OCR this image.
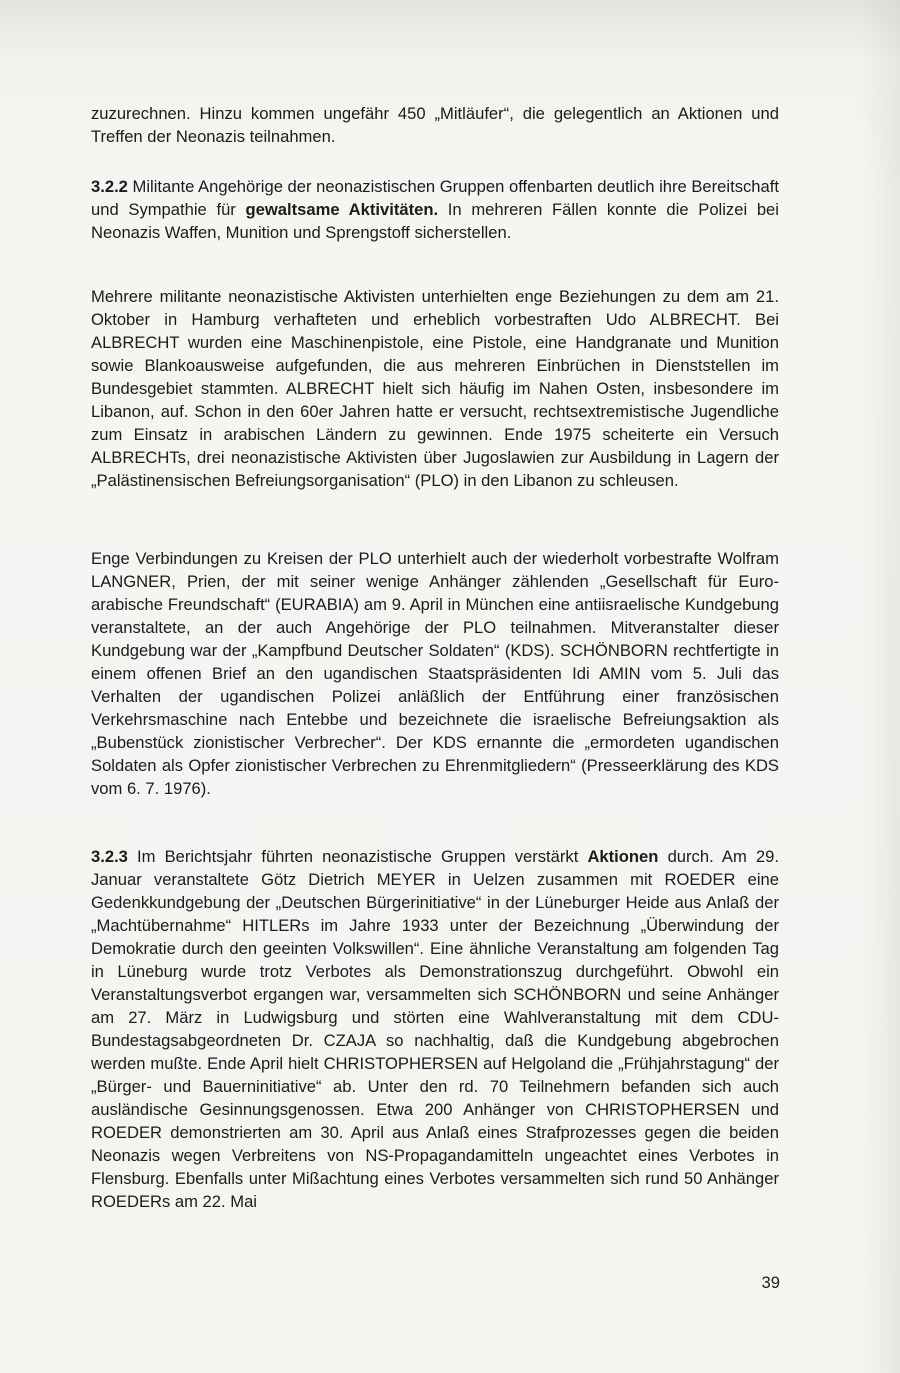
zuzurechnen. Hinzu kommen ungefähr 450 „Mitläufer“, die gelegentlich an Aktionen und Treffen der Neonazis teilnahmen.

3.2.2 Militante Angehörige der neonazistischen Gruppen offenbarten deutlich ihre Bereitschaft und Sympathie für gewaltsame Aktivitäten. In mehreren Fällen konnte die Polizei bei Neonazis Waffen, Munition und Sprengstoff sicherstellen.

Mehrere militante neonazistische Aktivisten unterhielten enge Beziehungen zu dem am 21. Oktober in Hamburg verhafteten und erheblich vorbestraften Udo ALBRECHT. Bei ALBRECHT wurden eine Maschinenpistole, eine Pistole, eine Handgranate und Munition sowie Blankoausweise aufgefunden, die aus mehreren Einbrüchen in Dienststellen im Bundesgebiet stammten. ALBRECHT hielt sich häufig im Nahen Osten, insbesondere im Libanon, auf. Schon in den 60er Jahren hatte er versucht, rechtsextremistische Jugendliche zum Einsatz in arabischen Ländern zu gewinnen. Ende 1975 scheiterte ein Versuch ALBRECHTs, drei neonazistische Aktivisten über Jugoslawien zur Ausbildung in Lagern der „Palästinensischen Befreiungsorganisation“ (PLO) in den Libanon zu schleusen.

Enge Verbindungen zu Kreisen der PLO unterhielt auch der wiederholt vorbestrafte Wolfram LANGNER, Prien, der mit seiner wenige Anhänger zählenden „Gesellschaft für Euro-arabische Freundschaft“ (EURABIA) am 9. April in München eine antiisraelische Kundgebung veranstaltete, an der auch Angehörige der PLO teilnahmen. Mitveranstalter dieser Kundgebung war der „Kampfbund Deutscher Soldaten“ (KDS). SCHÖNBORN rechtfertigte in einem offenen Brief an den ugandischen Staatspräsidenten Idi AMIN vom 5. Juli das Verhalten der ugandischen Polizei anläßlich der Entführung einer französischen Verkehrsmaschine nach Entebbe und bezeichnete die israelische Befreiungsaktion als „Bubenstück zionistischer Verbrecher“. Der KDS ernannte die „ermordeten ugandischen Soldaten als Opfer zionistischer Verbrechen zu Ehrenmitgliedern“ (Presseerklärung des KDS vom 6. 7. 1976).

3.2.3 Im Berichtsjahr führten neonazistische Gruppen verstärkt Aktionen durch. Am 29. Januar veranstaltete Götz Dietrich MEYER in Uelzen zusammen mit ROEDER eine Gedenkkundgebung der „Deutschen Bürgerinitiative“ in der Lüneburger Heide aus Anlaß der „Machtübernahme“ HITLERs im Jahre 1933 unter der Bezeichnung „Überwindung der Demokratie durch den geeinten Volkswillen“. Eine ähnliche Veranstaltung am folgenden Tag in Lüneburg wurde trotz Verbotes als Demonstrationszug durchgeführt. Obwohl ein Veranstaltungsverbot ergangen war, versammelten sich SCHÖNBORN und seine Anhänger am 27. März in Ludwigsburg und störten eine Wahlveranstaltung mit dem CDU-Bundestagsabgeordneten Dr. CZAJA so nachhaltig, daß die Kundgebung abgebrochen werden mußte. Ende April hielt CHRISTOPHERSEN auf Helgoland die „Frühjahrstagung“ der „Bürger- und Bauerninitiative“ ab. Unter den rd. 70 Teilnehmern befanden sich auch ausländische Gesinnungsgenossen. Etwa 200 Anhänger von CHRISTOPHERSEN und ROEDER demonstrierten am 30. April aus Anlaß eines Strafprozesses gegen die beiden Neonazis wegen Verbreitens von NS-Propagandamitteln ungeachtet eines Verbotes in Flensburg. Ebenfalls unter Mißachtung eines Verbotes versammelten sich rund 50 Anhänger ROEDERs am 22. Mai

39
